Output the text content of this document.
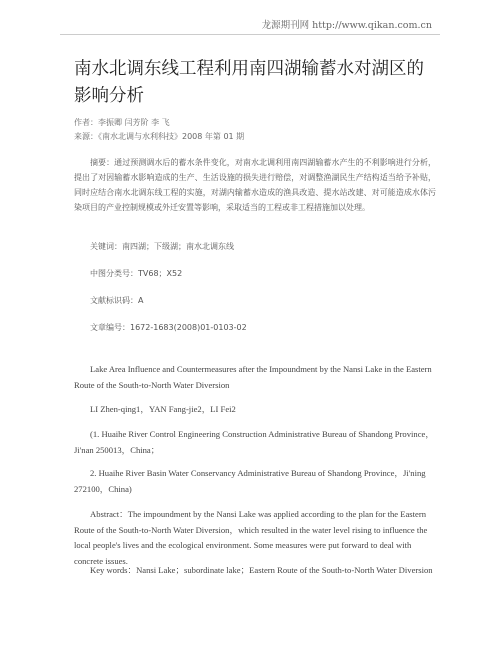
龙源期刊网 http://www.qikan.com.cn
南水北调东线工程利用南四湖输蓄水对湖区的影响分析
作者：李振卿 闫芳阶 李 飞
来源：《南水北调与水利科技》2008 年第 01 期

摘要：通过预测调水后的蓄水条件变化，对南水北调利用南四湖输蓄水产生的不利影响进行分析，提出了对因输蓄水影响造成的生产、生活设施的损失进行赔偿，对调整渔湖民生产结构适当给予补贴，同时应结合南水北调东线工程的实施，对湖内输蓄水造成的渔具改造、提水站改建、对可能造成水体污染项目的产业控制规模或外迁安置等影响，采取适当的工程或非工程措施加以处理。

关键词：南四湖；下级湖；南水北调东线
中图分类号：TV68；X52
文献标识码：A
文章编号：1672-1683(2008)01-0103-02

Lake Area Influence and Countermeasures after the Impoundment by the Nansi Lake in the Eastern Route of the South-to-North Water Diversion

LI Zhen-qing1，YAN Fang-jie2，LI Fei2

(1. Huaihe River Control Engineering Construction Administrative Bureau of Shandong Province，Ji'nan 250013，China；

2. Huaihe River Basin Water Conservancy Administrative Bureau of Shandong Province，Ji'ning 272100，China)

Abstract：The impoundment by the Nansi Lake was applied according to the plan for the Eastern Route of the South-to-North Water Diversion，which resulted in the water level rising to influence the local people's lives and the ecological environment. Some measures were put forward to deal with concrete issues.

Key words：Nansi Lake；subordinate lake；Eastern Route of the South-to-North Water Diversion
